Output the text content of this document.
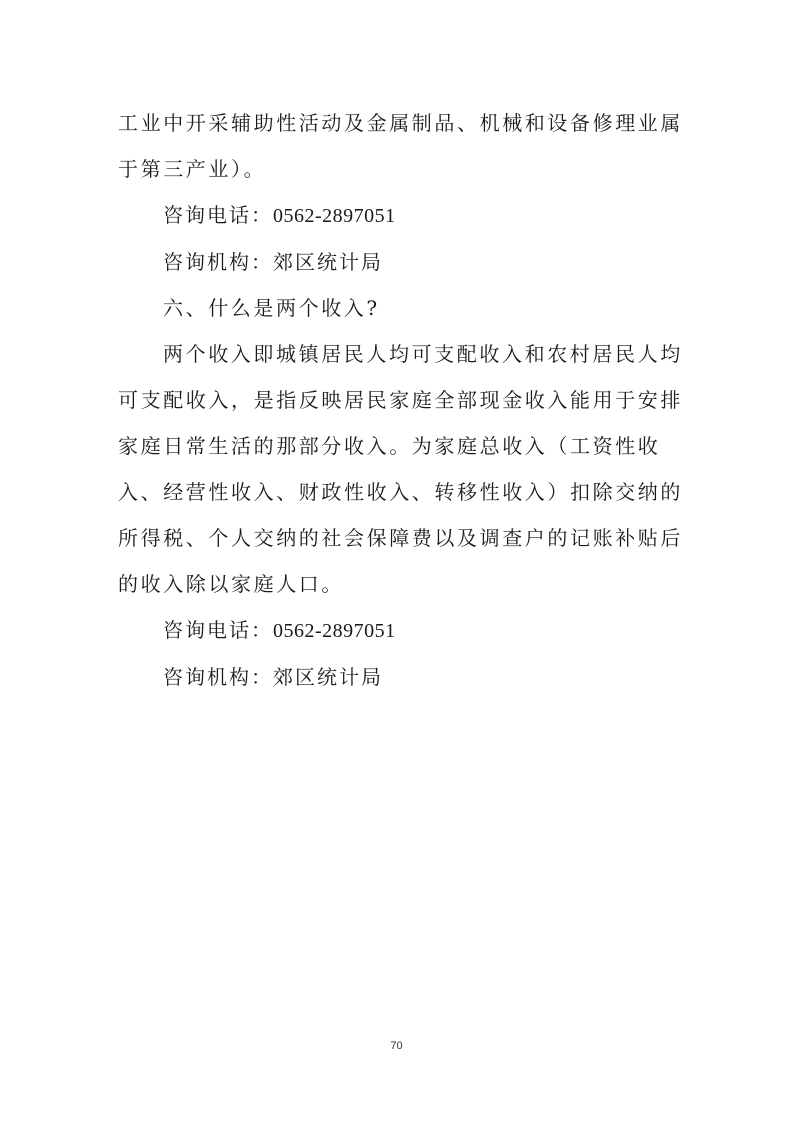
工业中开采辅助性活动及金属制品、机械和设备修理业属于第三产业）。

咨询电话：0562-2897051

咨询机构：郊区统计局

六、什么是两个收入?

两个收入即城镇居民人均可支配收入和农村居民人均可支配收入，是指反映居民家庭全部现金收入能用于安排家庭日常生活的那部分收入。为家庭总收入（工资性收入、经营性收入、财政性收入、转移性收入）扣除交纳的所得税、个人交纳的社会保障费以及调查户的记账补贴后的收入除以家庭人口。

咨询电话：0562-2897051

咨询机构：郊区统计局

70
